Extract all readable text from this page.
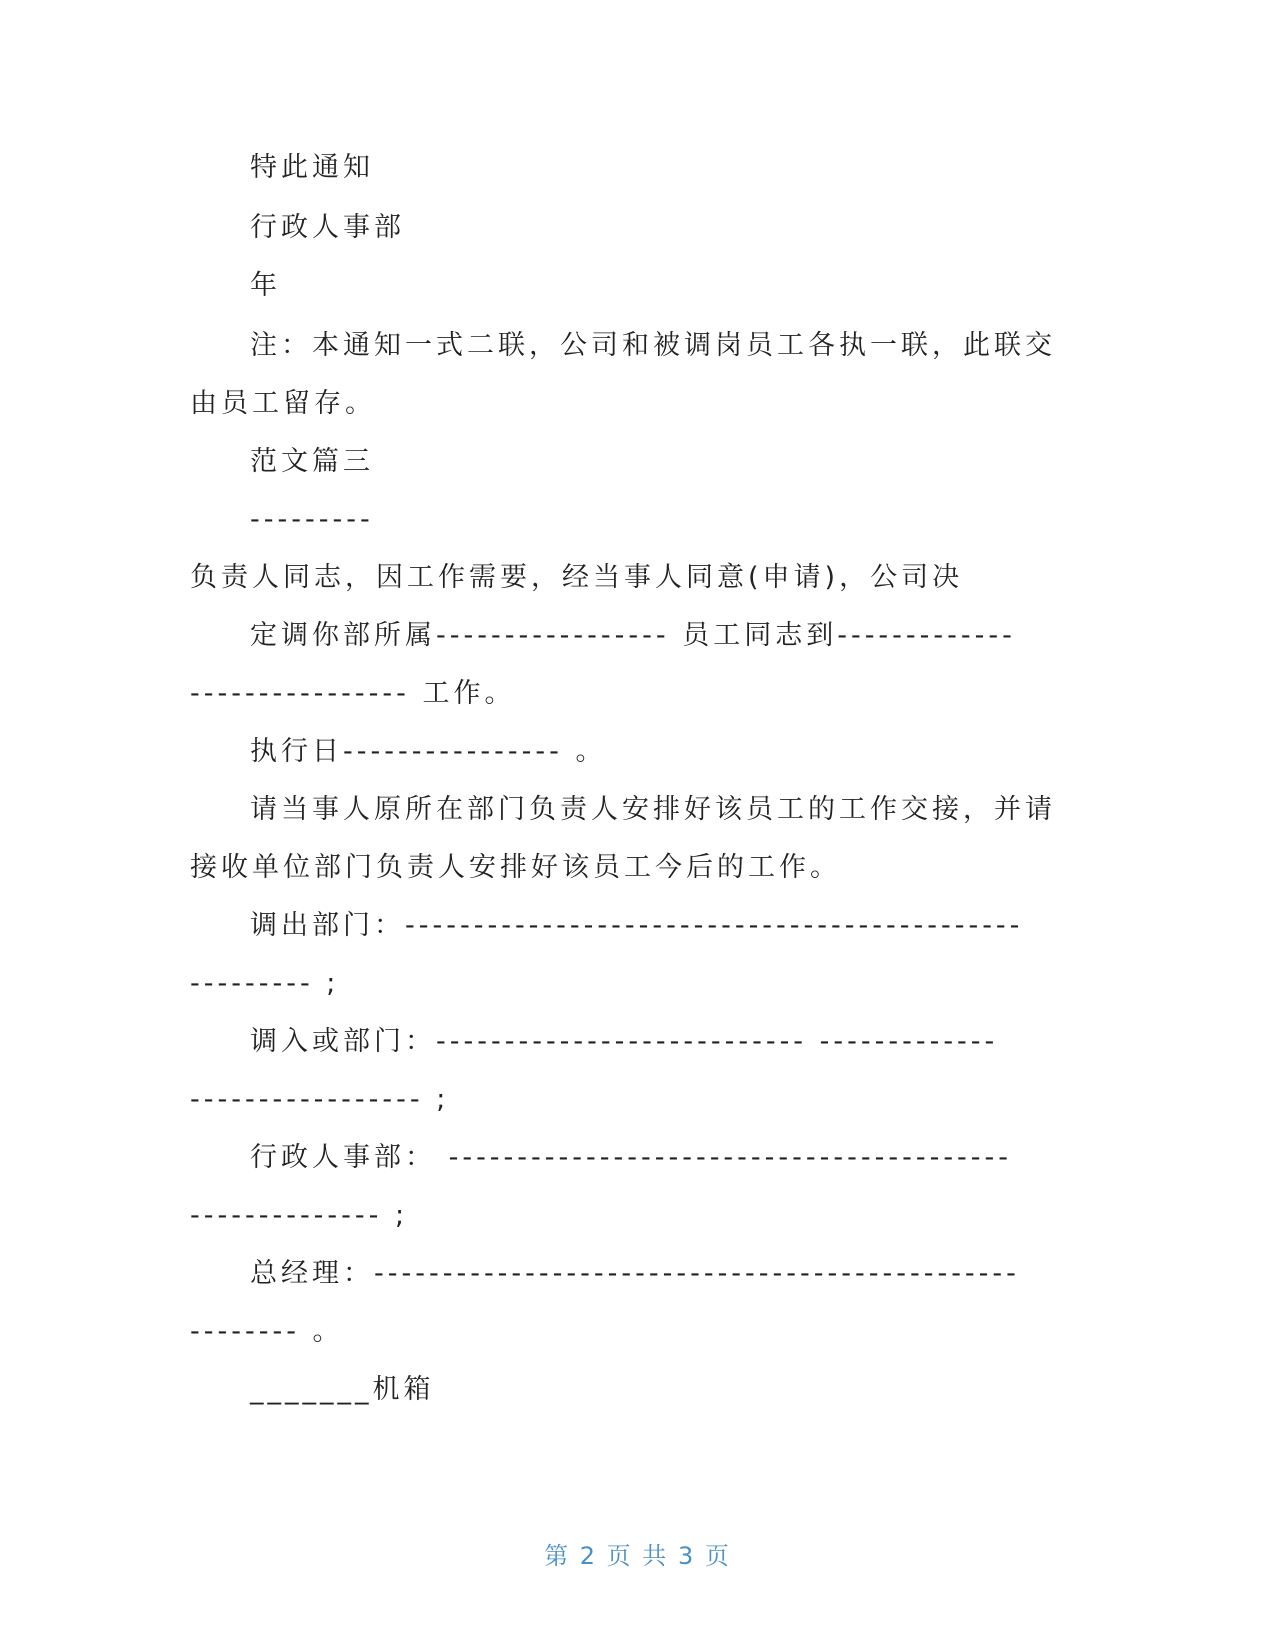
特此通知
行政人事部
年
注：本通知一式二联，公司和被调岗员工各执一联，此联交
由员工留存。
范文篇三
---------
负责人同志，因工作需要，经当事人同意(申请)，公司决
定调你部所属----------------- 员工同志到-------------
---------------- 工作。
执行日---------------- 。
请当事人原所在部门负责人安排好该员工的工作交接，并请
接收单位部门负责人安排好该员工今后的工作。
调出部门：---------------------------------------------
--------- ;
调入或部门：--------------------------- -------------
----------------- ;
行政人事部： -----------------------------------------
-------------- ;
总经理：-----------------------------------------------
-------- 。
_______机箱
第 2 页 共 3 页
